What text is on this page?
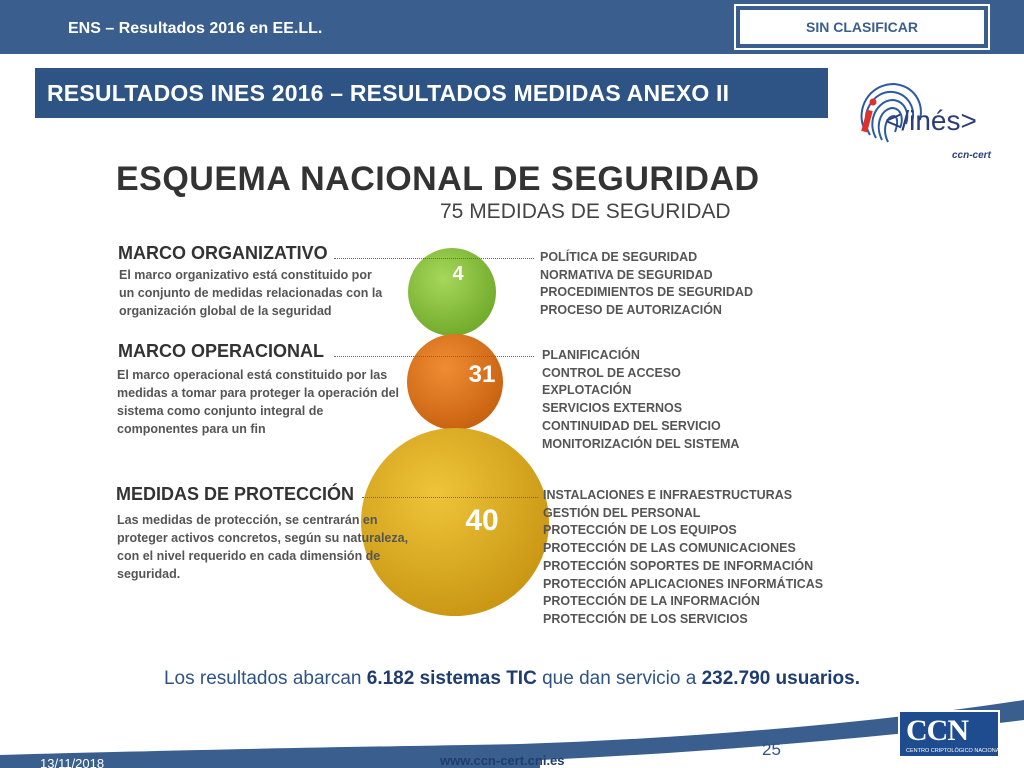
ENS – Resultados 2016 en EE.LL.	SIN CLASIFICAR
RESULTADOS INES 2016 – RESULTADOS MEDIDAS ANEXO II
</inés>
ccn-cert
ESQUEMA NACIONAL DE SEGURIDAD
75 MEDIDAS DE SEGURIDAD
4
31
40
MARCO ORGANIZATIVO
El marco organizativo está constituido por un conjunto de medidas relacionadas con la organización global de la seguridad
POLÍTICA DE SEGURIDAD
NORMATIVA DE SEGURIDAD
PROCEDIMIENTOS DE SEGURIDAD
PROCESO DE AUTORIZACIÓN
MARCO OPERACIONAL
El marco operacional está constituido por las medidas a tomar para proteger la operación del sistema como conjunto integral de componentes para un fin
PLANIFICACIÓN
CONTROL DE ACCESO
EXPLOTACIÓN
SERVICIOS EXTERNOS
CONTINUIDAD DEL SERVICIO
MONITORIZACIÓN DEL SISTEMA
MEDIDAS DE PROTECCIÓN
Las medidas de protección, se centrarán en proteger activos concretos, según su naturaleza, con el nivel requerido en cada dimensión de seguridad.
INSTALACIONES E INFRAESTRUCTURAS
GESTIÓN DEL PERSONAL
PROTECCIÓN DE LOS EQUIPOS
PROTECCIÓN DE LAS COMUNICACIONES
PROTECCIÓN SOPORTES DE INFORMACIÓN
PROTECCIÓN APLICACIONES INFORMÁTICAS
PROTECCIÓN DE LA INFORMACIÓN
PROTECCIÓN DE LOS SERVICIOS
Los resultados abarcan 6.182 sistemas TIC que dan servicio a 232.790 usuarios.
25
13/11/2018	www.ccn-cert.cni.es
CCN
CENTRO CRIPTOLÓGICO NACIONAL
